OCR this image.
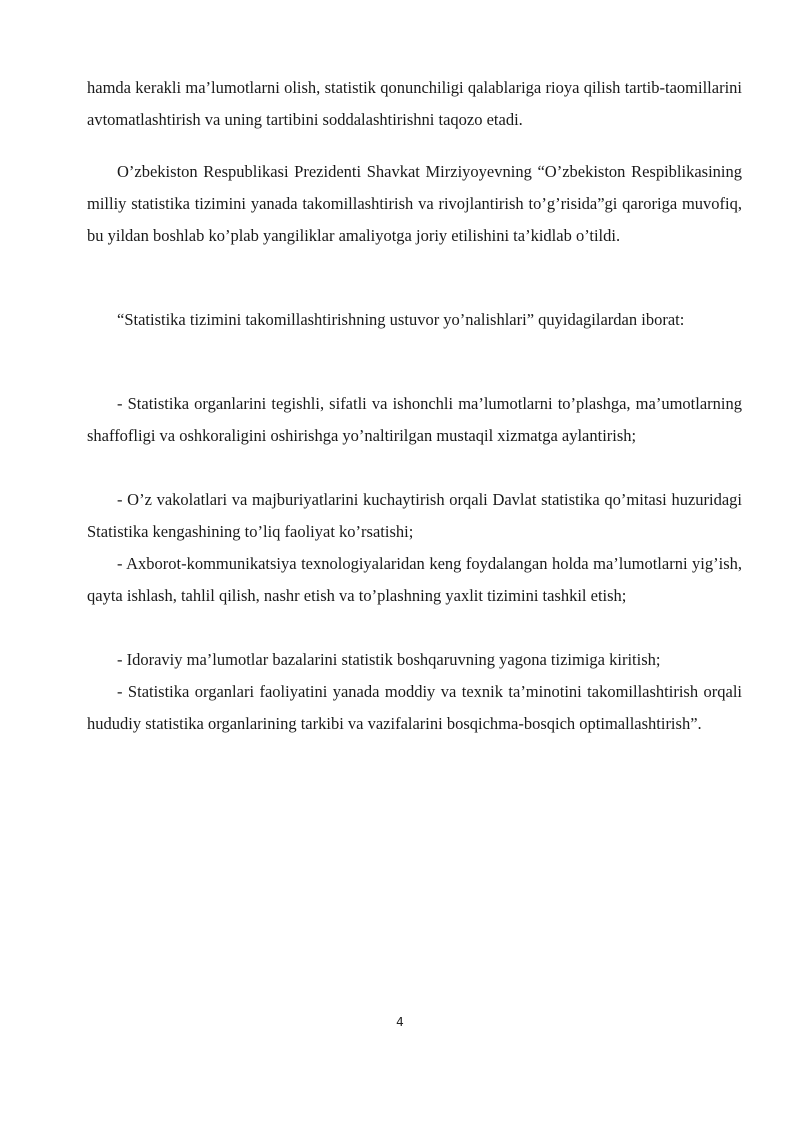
hamda kerakli ma’lumotlarni olish, statistik qonunchiligi qalablariga rioya qilish tartib-taomillarini avtomatlashtirish va uning tartibini soddalashtirishni taqozo etadi.

O’zbekiston Respublikasi Prezidenti Shavkat Mirziyoyevning “O’zbekiston Respiblikasining milliy statistika tizimini yanada takomillashtirish va rivojlantirish to’g’risida”gi qaroriga muvofiq, bu yildan boshlab ko’plab yangiliklar amaliyotga joriy etilishini ta’kidlab o’tildi.

“Statistika tizimini takomillashtirishning ustuvor yo’nalishlari” quyidagilardan iborat:

- Statistika organlarini tegishli, sifatli va ishonchli ma’lumotlarni to’plashga, ma’umotlarning shaffofligi va oshkoraligini oshirishga yo’naltirilgan mustaqil xizmatga aylantirish;

- O’z vakolatlari va majburiyatlarini kuchaytirish orqali Davlat statistika qo’mitasi huzuridagi Statistika kengashining to’liq faoliyat ko’rsatishi;

- Axborot-kommunikatsiya texnologiyalaridan keng foydalangan holda ma’lumotlarni yig’ish, qayta ishlash, tahlil qilish, nashr etish va to’plashning yaxlit tizimini tashkil etish;

- Idoraviy ma’lumotlar bazalarini statistik boshqaruvning yagona tizimiga kiritish;

- Statistika organlari faoliyatini yanada moddiy va texnik ta’minotini takomillashtirish orqali hududiy statistika organlarining tarkibi va vazifalarini bosqichma-bosqich optimallashtirish”.

4
